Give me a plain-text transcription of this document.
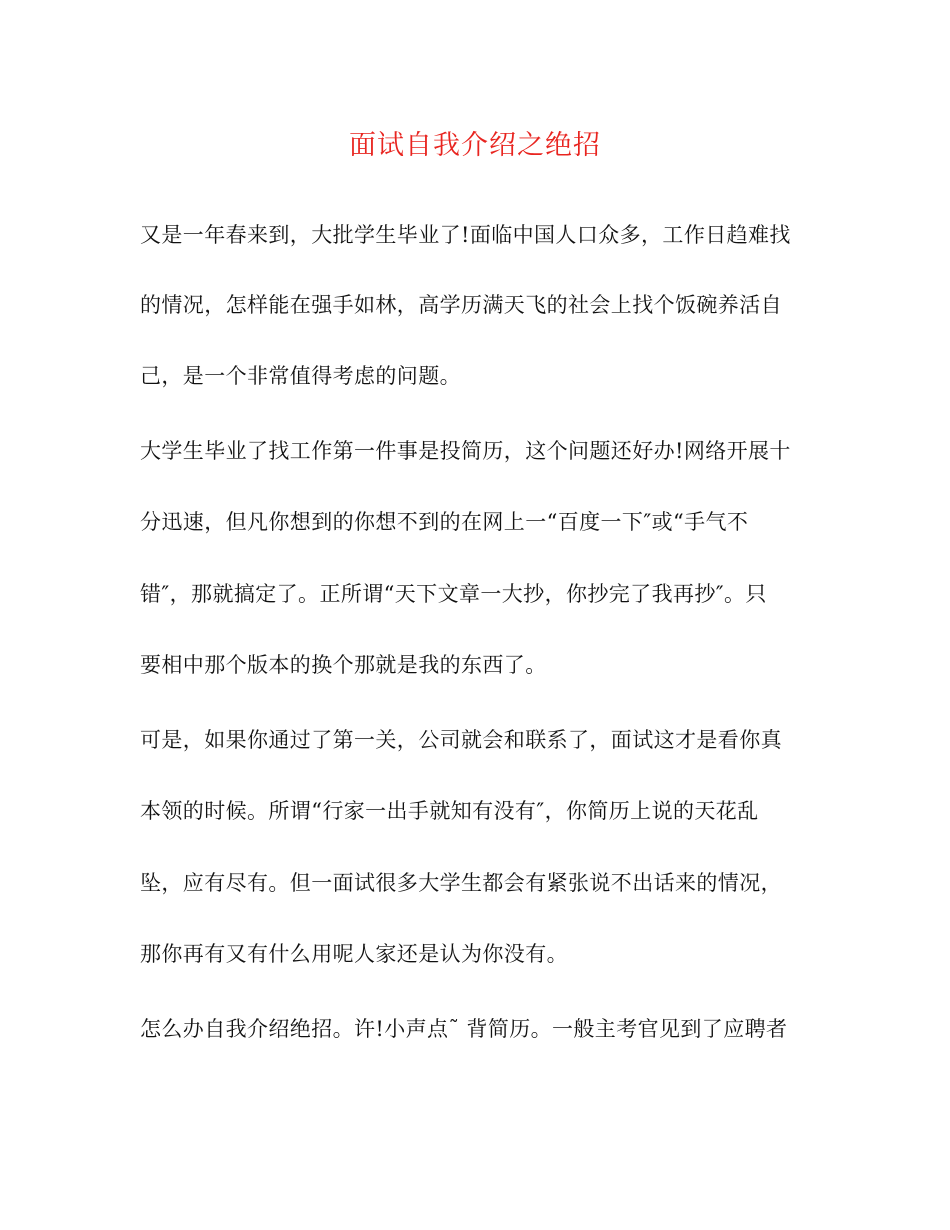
面试自我介绍之绝招
又是一年春来到，大批学生毕业了!面临中国人口众多，工作日趋难找
的情况，怎样能在强手如林，高学历满天飞的社会上找个饭碗养活自
己，是一个非常值得考虑的问题。
大学生毕业了找工作第一件事是投简历，这个问题还好办!网络开展十
分迅速，但凡你想到的你想不到的在网上一“百度一下″或“手气不
错″，那就搞定了。正所谓“天下文章一大抄，你抄完了我再抄″。只
要相中那个版本的换个那就是我的东西了。
可是，如果你通过了第一关，公司就会和联系了，面试这才是看你真
本领的时候。所谓“行家一出手就知有没有″，你简历上说的天花乱
坠，应有尽有。但一面试很多大学生都会有紧张说不出话来的情况，
那你再有又有什么用呢人家还是认为你没有。
怎么办自我介绍绝招。许!小声点˜ 背简历。一般主考官见到了应聘者
